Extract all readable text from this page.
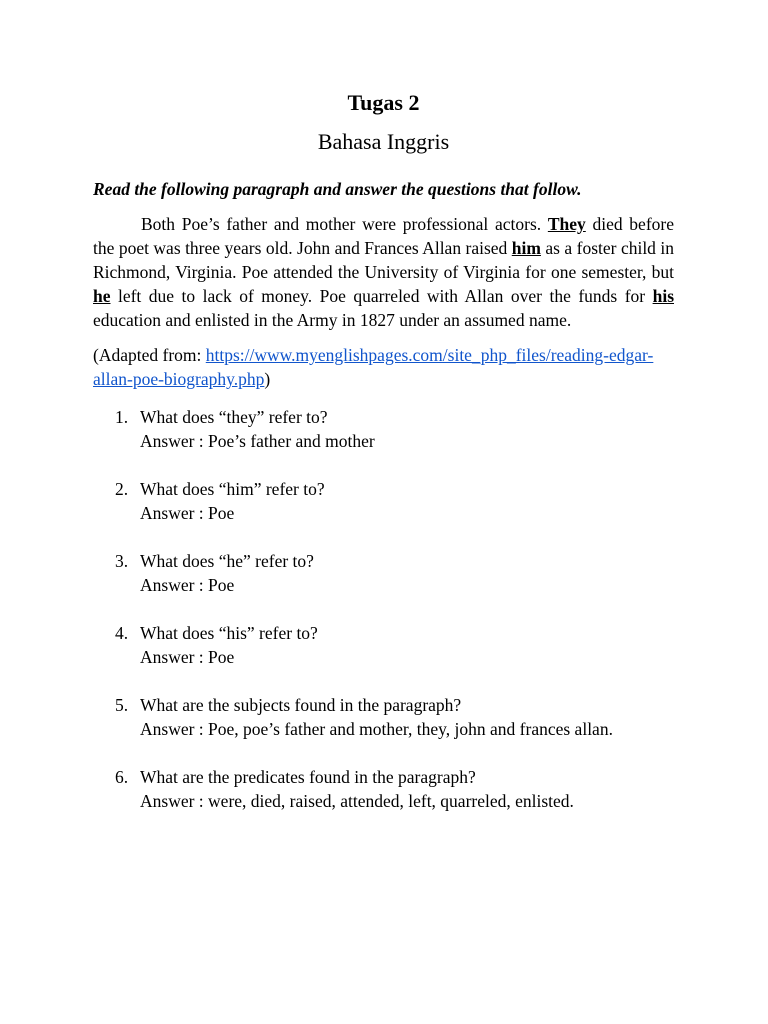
Tugas 2
Bahasa Inggris
Read the following paragraph and answer the questions that follow.
Both Poe’s father and mother were professional actors. They died before the poet was three years old. John and Frances Allan raised him as a foster child in Richmond, Virginia. Poe attended the University of Virginia for one semester, but he left due to lack of money. Poe quarreled with Allan over the funds for his education and enlisted in the Army in 1827 under an assumed name.
(Adapted from: https://www.myenglishpages.com/site_php_files/reading-edgar-allan-poe-biography.php)
1. What does “they” refer to?
Answer : Poe’s father and mother
2. What does “him” refer to?
Answer : Poe
3. What does “he” refer to?
Answer : Poe
4. What does “his” refer to?
Answer : Poe
5. What are the subjects found in the paragraph?
Answer : Poe, poe’s father and mother, they, john and frances allan.
6. What are the predicates found in the paragraph?
Answer : were, died, raised, attended, left, quarreled, enlisted.
